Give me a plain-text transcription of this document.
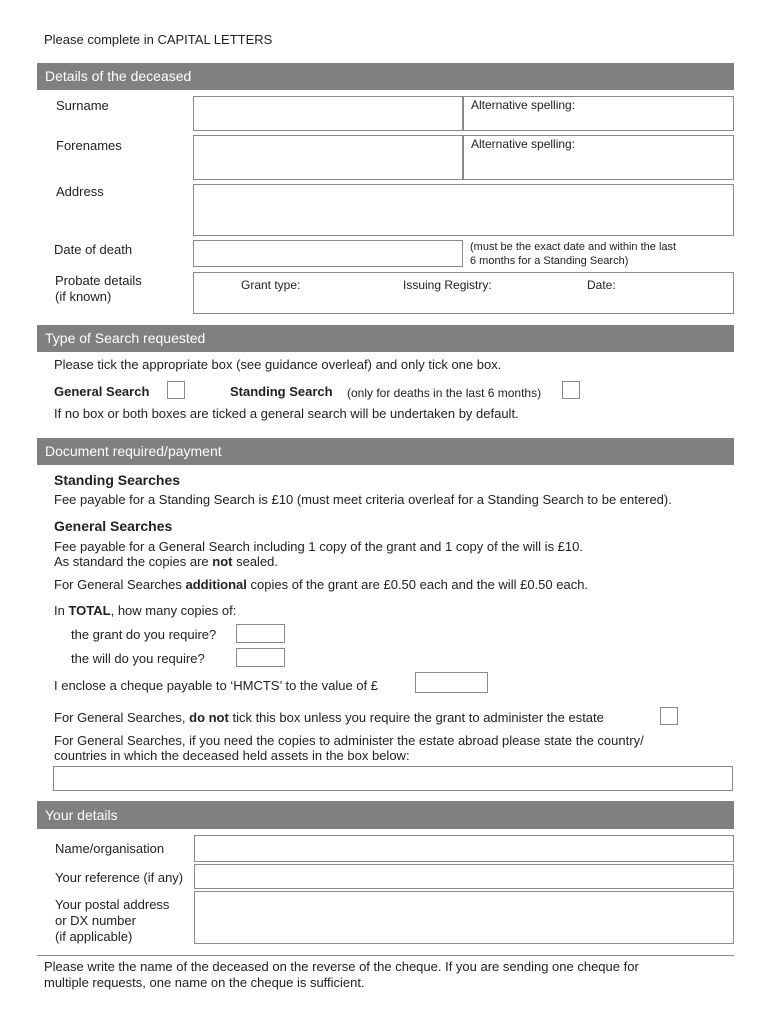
Please complete in CAPITAL LETTERS
Details of the deceased
Surname	Alternative spelling:
Forenames	Alternative spelling:
Address
Date of death	(must be the exact date and within the last
6 months for a Standing Search)
Probate details
(if known)
Grant type:	Issuing Registry:	Date:
Type of Search requested
Please tick the appropriate box (see guidance overleaf) and only tick one box.
General Search	Standing Search (only for deaths in the last 6 months)
If no box or both boxes are ticked a general search will be undertaken by default.
Document required/payment
Standing Searches
Fee payable for a Standing Search is £10 (must meet criteria overleaf for a Standing Search to be entered).
General Searches
Fee payable for a General Search including 1 copy of the grant and 1 copy of the will is £10.
As standard the copies are not sealed.
For General Searches additional copies of the grant are £0.50 each and the will £0.50 each.
In TOTAL, how many copies of:
the grant do you require?
the will do you require?
I enclose a cheque payable to ‘HMCTS’ to the value of £
For General Searches, do not tick this box unless you require the grant to administer the estate
For General Searches, if you need the copies to administer the estate abroad please state the country/
countries in which the deceased held assets in the box below:
Your details
Name/organisation
Your reference (if any)
Your postal address
or DX number
(if applicable)
Please write the name of the deceased on the reverse of the cheque. If you are sending one cheque for
multiple requests, one name on the cheque is sufficient.
